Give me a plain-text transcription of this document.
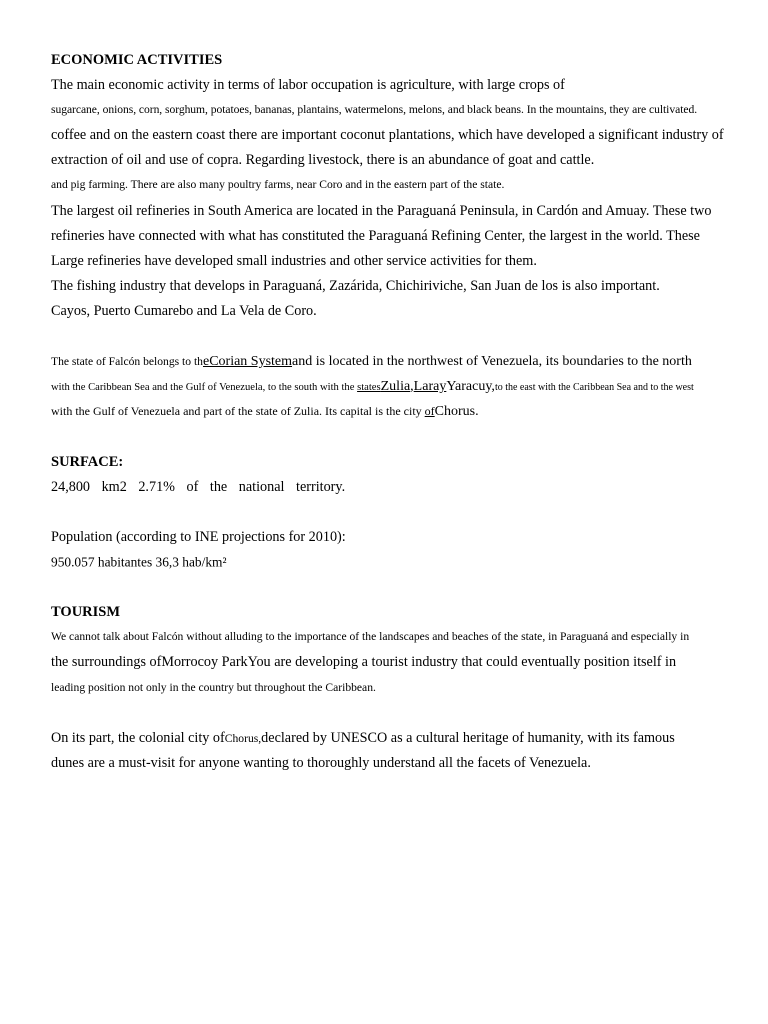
ECONOMIC ACTIVITIES
The main economic activity in terms of labor occupation is agriculture, with large crops of
sugarcane, onions, corn, sorghum, potatoes, bananas, plantains, watermelons, melons, and black beans. In the mountains, they are cultivated.
coffee and on the eastern coast there are important coconut plantations, which have developed a significant industry of
extraction of oil and use of copra. Regarding livestock, there is an abundance of goat and cattle.
and pig farming. There are also many poultry farms, near Coro and in the eastern part of the state.
The largest oil refineries in South America are located in the Paraguaná Peninsula, in Cardón and Amuay. These two
refineries have connected with what has constituted the Paraguaná Refining Center, the largest in the world. These
Large refineries have developed small industries and other service activities for them.
The fishing industry that develops in Paraguaná, Zazárida, Chichiriviche, San Juan de los is also important.
Cayos, Puerto Cumarebo and La Vela de Coro.
The state of Falcón belongs to theCorian Systemand is located in the northwest of Venezuela, its boundaries to the north
with the Caribbean Sea and the Gulf of Venezuela, to the south with the statesZulia,LarayYaracuy,to the east with the Caribbean Sea and to the west
with the Gulf of Venezuela and part of the state of Zulia. Its capital is the city ofChorus.
SURFACE:
24,800 km2 2.71% of the national territory.
Population (according to INE projections for 2010):
950.057 habitantes 36,3 hab/km²
TOURISM
We cannot talk about Falcón without alluding to the importance of the landscapes and beaches of the state, in Paraguaná and especially in
the surroundings ofMorrocoy ParkYou are developing a tourist industry that could eventually position itself in
leading position not only in the country but throughout the Caribbean.
On its part, the colonial city ofChorus,declared by UNESCO as a cultural heritage of humanity, with its famous
dunes are a must-visit for anyone wanting to thoroughly understand all the facets of Venezuela.
